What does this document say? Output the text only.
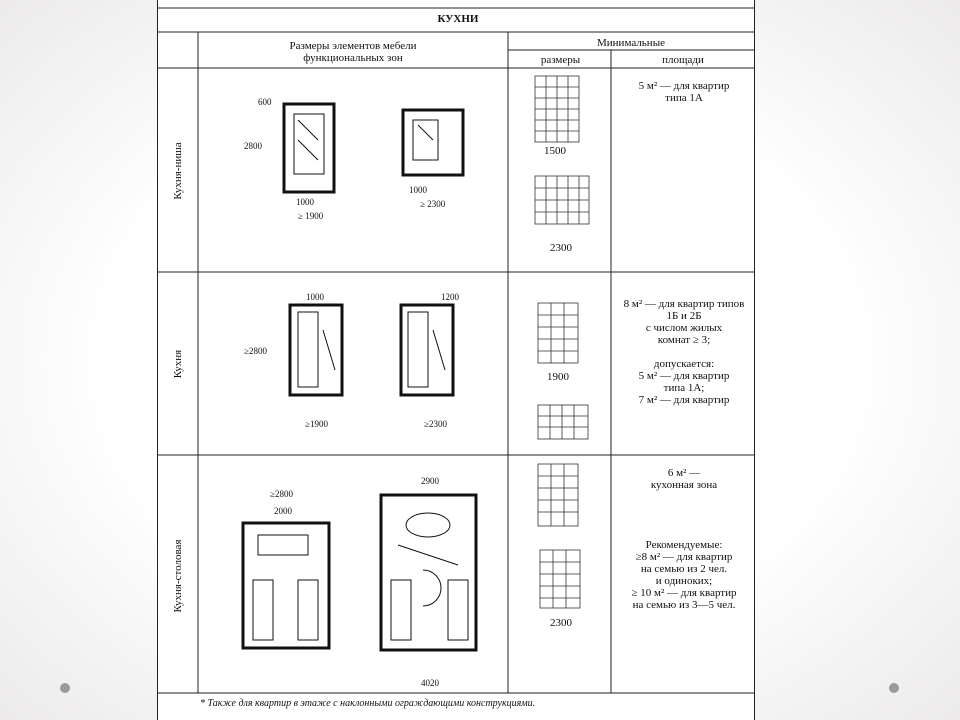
КУХНИ
Размеры элементов мебели
функциональных зон
Минимальные
размеры	площади
Кухня-ниша
Кухня
Кухня-столовая
5 м² — для квартир
типа 1А
8 м² — для квартир типов
1Б и 2Б
с числом жилых
комнат ≥ 3;

допускается:
5 м² — для квартир
типа 1А;
7 м² — для квартир
6 м² —
кухонная зона

Рекомендуемые:
≥8 м² — для квартир
на семью из 2 чел.
и одиноких;
≥ 10 м² — для квартир
на семью из 3—5 чел.
1500
2300
1900
2300
600
2800
1000
≥ 1900
1000
≥ 2300
1000
≥2800
≥1900
1200
≥2300
≥2800
2000
2900
4020
* Также для квартир в этаже с наклонными ограждающими конструкциями.
